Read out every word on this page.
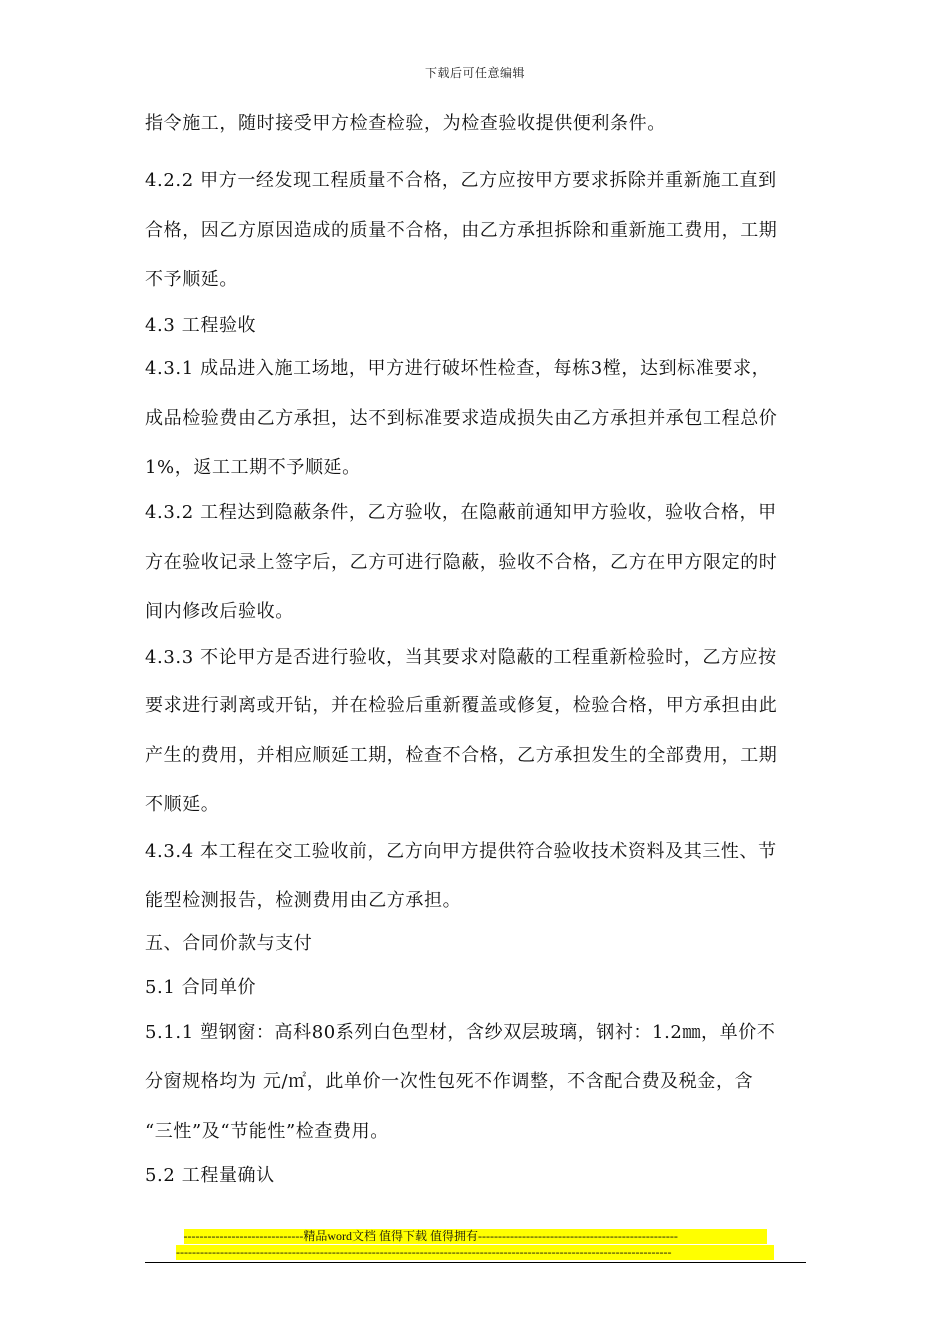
下载后可任意编辑
指令施工，随时接受甲方检查检验，为检查验收提供便利条件。
4.2.2 甲方一经发现工程质量不合格，乙方应按甲方要求拆除并重新施工直到
合格，因乙方原因造成的质量不合格，由乙方承担拆除和重新施工费用，工期
不予顺延。
4.3 工程验收
4.3.1 成品进入施工场地，甲方进行破坏性检查，每栋3樘，达到标准要求，
成品检验费由乙方承担，达不到标准要求造成损失由乙方承担并承包工程总价
1%，返工工期不予顺延。
4.3.2 工程达到隐蔽条件，乙方验收，在隐蔽前通知甲方验收，验收合格，甲
方在验收记录上签字后，乙方可进行隐蔽，验收不合格，乙方在甲方限定的时
间内修改后验收。
4.3.3 不论甲方是否进行验收，当其要求对隐蔽的工程重新检验时，乙方应按
要求进行剥离或开钻，并在检验后重新覆盖或修复，检验合格，甲方承担由此
产生的费用，并相应顺延工期，检查不合格，乙方承担发生的全部费用，工期
不顺延。
4.3.4 本工程在交工验收前，乙方向甲方提供符合验收技术资料及其三性、节
能型检测报告，检测费用由乙方承担。
五、合同价款与支付
5.1 合同单价
5.1.1 塑钢窗：高科80系列白色型材，含纱双层玻璃，钢衬：1.2㎜，单价不
分窗规格均为 元/㎡，此单价一次性包死不作调整，不含配合费及税金，含
“三性”及“节能性”检查费用。
5.2 工程量确认
------------------------------精品word文档 值得下载 值得拥有--------------------------------------------------
----------------------------------------------------------------------------------------------------------------------------
